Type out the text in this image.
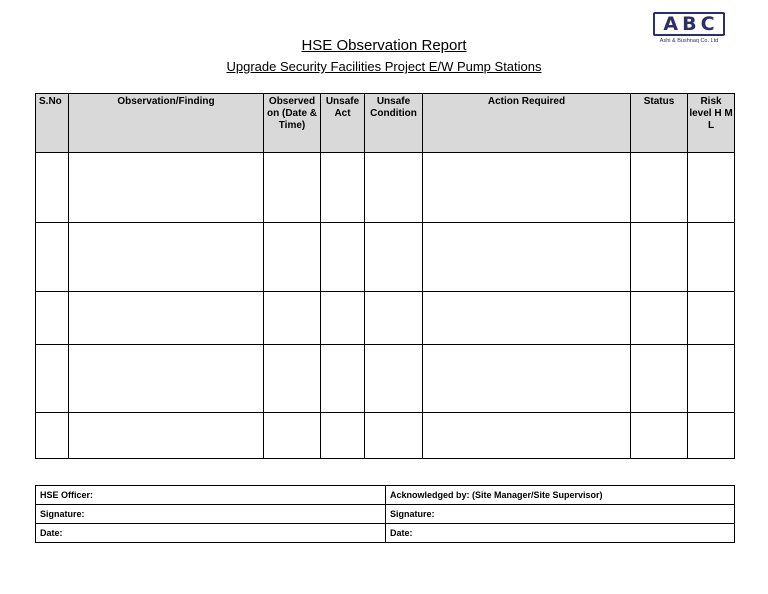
ABC
Ashi & Bushnaq Co. Ltd
HSE Observation Report
Upgrade Security Facilities Project E/W Pump Stations
S.No	Observation/Finding	Observed on (Date & Time)	Unsafe Act	Unsafe Condition	Action Required	Status	Risk level H M L

HSE Officer:	Acknowledged by: (Site Manager/Site Supervisor)
Signature:	Signature:
Date:	Date:
